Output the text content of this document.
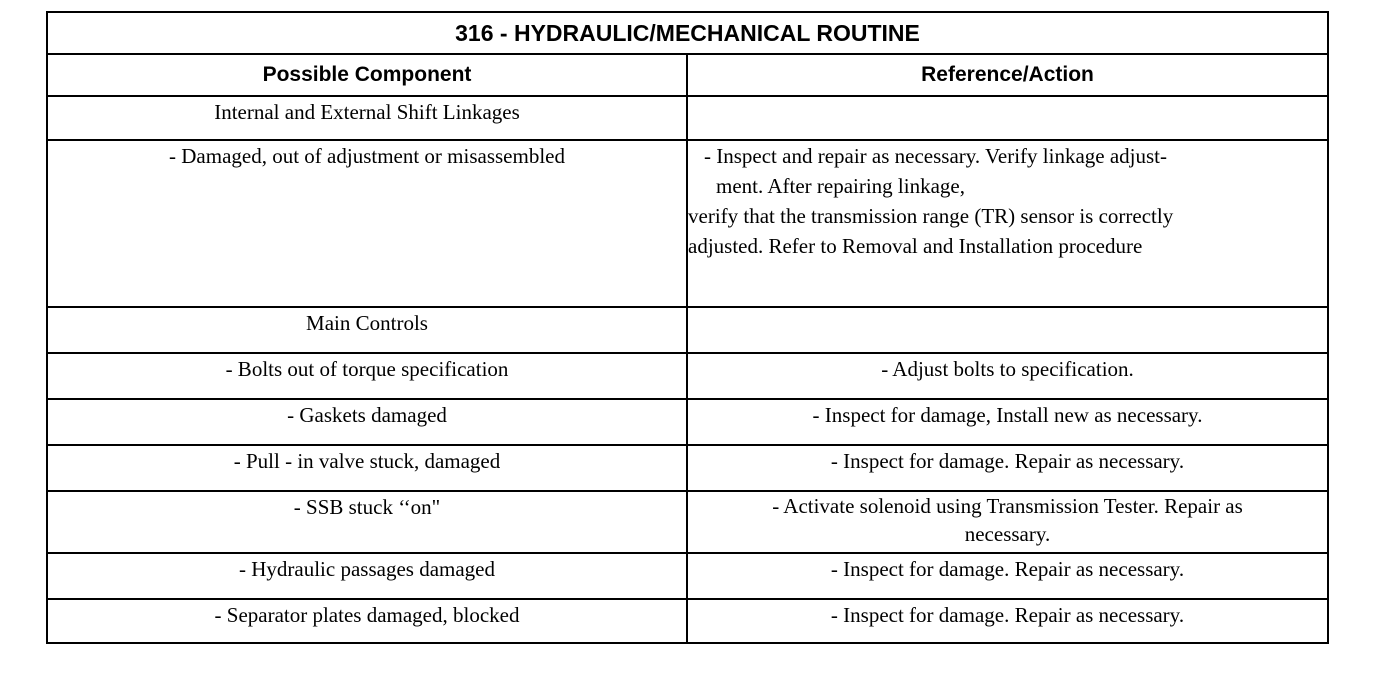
316 - HYDRAULIC/MECHANICAL ROUTINE	
Possible Component	Reference/Action
Internal and External Shift Linkages	
- Damaged, out of adjustment or misassembled	- Inspect and repair as necessary. Verify linkage adjust-
ment. After repairing linkage,
verify that the transmission range (TR) sensor is correctly
adjusted. Refer to Removal and Installation procedure

Main Controls	
- Bolts out of torque specification	- Adjust bolts to specification.
- Gaskets damaged	- Inspect for damage, Install new as necessary.
- Pull - in valve stuck, damaged	- Inspect for damage. Repair as necessary.
- SSB stuck ‘‘on"	- Activate solenoid using Transmission Tester. Repair as
necessary.

- Hydraulic passages damaged	- Inspect for damage. Repair as necessary.
- Separator plates damaged, blocked	- Inspect for damage. Repair as necessary.
